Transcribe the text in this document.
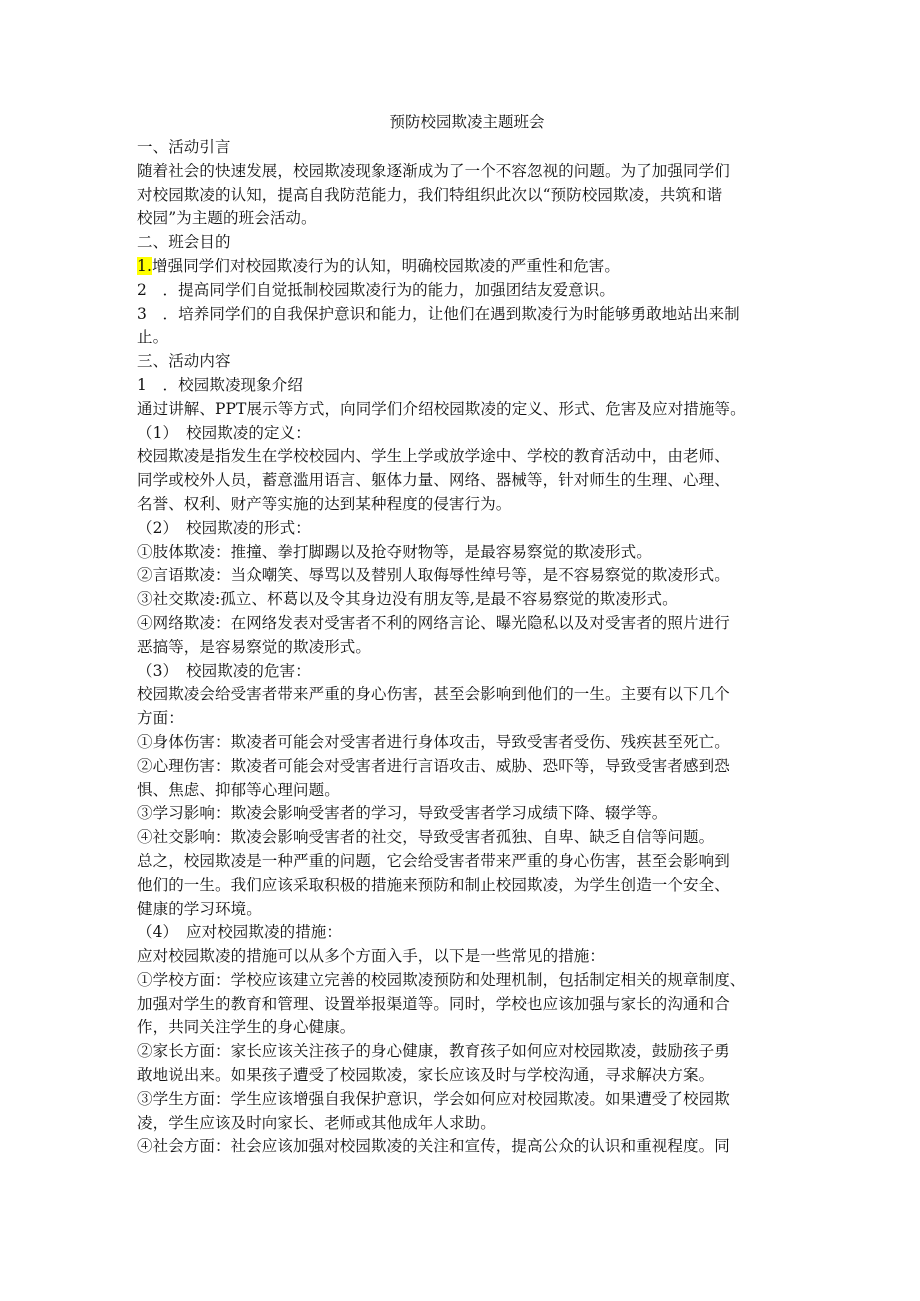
预防校园欺凌主题班会

一、活动引言

随着社会的快速发展，校园欺凌现象逐渐成为了一个不容忽视的问题。为了加强同学们

对校园欺凌的认知，提高自我防范能力，我们特组织此次以“预防校园欺凌，共筑和谐

校园”为主题的班会活动。

二、班会目的

1.增强同学们对校园欺凌行为的认知，明确校园欺凌的严重性和危害。

2　．提高同学们自觉抵制校园欺凌行为的能力，加强团结友爱意识。

3　．培养同学们的自我保护意识和能力，让他们在遇到欺凌行为时能够勇敢地站出来制

止。

三、活动内容

1　．校园欺凌现象介绍

通过讲解、PPT展示等方式，向同学们介绍校园欺凌的定义、形式、危害及应对措施等。

（1）　校园欺凌的定义：

校园欺凌是指发生在学校校园内、学生上学或放学途中、学校的教育活动中，由老师、

同学或校外人员，蓄意滥用语言、躯体力量、网络、器械等，针对师生的生理、心理、

名誉、权利、财产等实施的达到某种程度的侵害行为。

（2）　校园欺凌的形式：

①肢体欺凌：推撞、拳打脚踢以及抢夺财物等，是最容易察觉的欺凌形式。

②言语欺凌：当众嘲笑、辱骂以及替别人取侮辱性绰号等，是不容易察觉的欺凌形式。

③社交欺凌:孤立、杯葛以及令其身边没有朋友等,是最不容易察觉的欺凌形式。

④网络欺凌：在网络发表对受害者不利的网络言论、曝光隐私以及对受害者的照片进行

恶搞等，是容易察觉的欺凌形式。

（3）　校园欺凌的危害：

校园欺凌会给受害者带来严重的身心伤害，甚至会影响到他们的一生。主要有以下几个

方面：

①身体伤害：欺凌者可能会对受害者进行身体攻击，导致受害者受伤、残疾甚至死亡。

②心理伤害：欺凌者可能会对受害者进行言语攻击、威胁、恐吓等，导致受害者感到恐

惧、焦虑、抑郁等心理问题。

③学习影响：欺凌会影响受害者的学习，导致受害者学习成绩下降、辍学等。

④社交影响：欺凌会影响受害者的社交，导致受害者孤独、自卑、缺乏自信等问题。

总之，校园欺凌是一种严重的问题，它会给受害者带来严重的身心伤害，甚至会影响到

他们的一生。我们应该采取积极的措施来预防和制止校园欺凌，为学生创造一个安全、

健康的学习环境。

（4）　应对校园欺凌的措施：

应对校园欺凌的措施可以从多个方面入手，以下是一些常见的措施：

①学校方面：学校应该建立完善的校园欺凌预防和处理机制，包括制定相关的规章制度、

加强对学生的教育和管理、设置举报渠道等。同时，学校也应该加强与家长的沟通和合

作，共同关注学生的身心健康。

②家长方面：家长应该关注孩子的身心健康，教育孩子如何应对校园欺凌，鼓励孩子勇

敢地说出来。如果孩子遭受了校园欺凌，家长应该及时与学校沟通，寻求解决方案。

③学生方面：学生应该增强自我保护意识，学会如何应对校园欺凌。如果遭受了校园欺

凌，学生应该及时向家长、老师或其他成年人求助。

④社会方面：社会应该加强对校园欺凌的关注和宣传，提高公众的认识和重视程度。同
